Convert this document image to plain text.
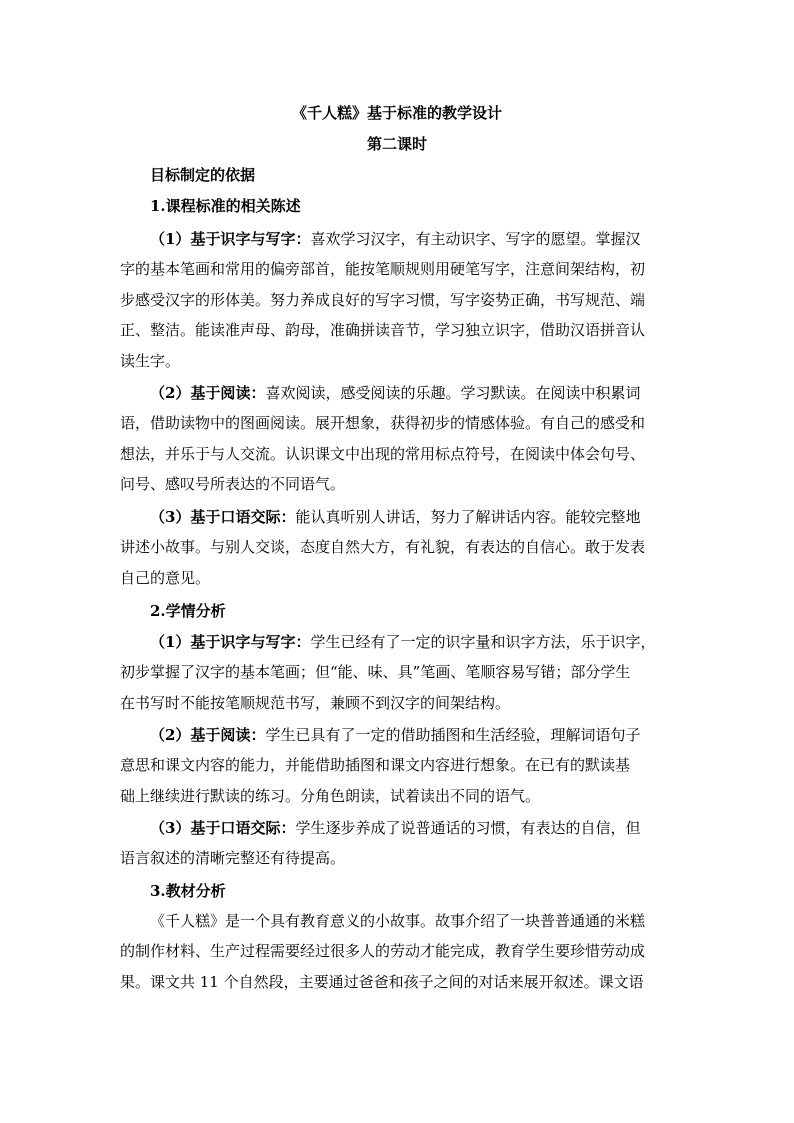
《千人糕》基于标准的教学设计
第二课时
目标制定的依据
1.课程标准的相关陈述
（1）基于识字与写字：喜欢学习汉字，有主动识字、写字的愿望。掌握汉
字的基本笔画和常用的偏旁部首，能按笔顺规则用硬笔写字，注意间架结构，初
步感受汉字的形体美。努力养成良好的写字习惯，写字姿势正确，书写规范、端
正、整洁。能读准声母、韵母，准确拼读音节，学习独立识字，借助汉语拼音认
读生字。
（2）基于阅读：喜欢阅读，感受阅读的乐趣。学习默读。在阅读中积累词
语，借助读物中的图画阅读。展开想象，获得初步的情感体验。有自己的感受和
想法，并乐于与人交流。认识课文中出现的常用标点符号，在阅读中体会句号、
问号、感叹号所表达的不同语气。
（3）基于口语交际：能认真听别人讲话，努力了解讲话内容。能较完整地
讲述小故事。与别人交谈，态度自然大方，有礼貌，有表达的自信心。敢于发表
自己的意见。
2.学情分析
（1）基于识字与写字：学生已经有了一定的识字量和识字方法，乐于识字，
初步掌握了汉字的基本笔画；但“能、味、具”笔画、笔顺容易写错；部分学生
在书写时不能按笔顺规范书写，兼顾不到汉字的间架结构。
（2）基于阅读：学生已具有了一定的借助插图和生活经验，理解词语句子
意思和课文内容的能力，并能借助插图和课文内容进行想象。在已有的默读基
础上继续进行默读的练习。分角色朗读，试着读出不同的语气。
（3）基于口语交际：学生逐步养成了说普通话的习惯，有表达的自信，但
语言叙述的清晰完整还有待提高。
3.教材分析
《千人糕》是一个具有教育意义的小故事。故事介绍了一块普普通通的米糕
的制作材料、生产过程需要经过很多人的劳动才能完成，教育学生要珍惜劳动成
果。课文共 11 个自然段，主要通过爸爸和孩子之间的对话来展开叙述。课文语
